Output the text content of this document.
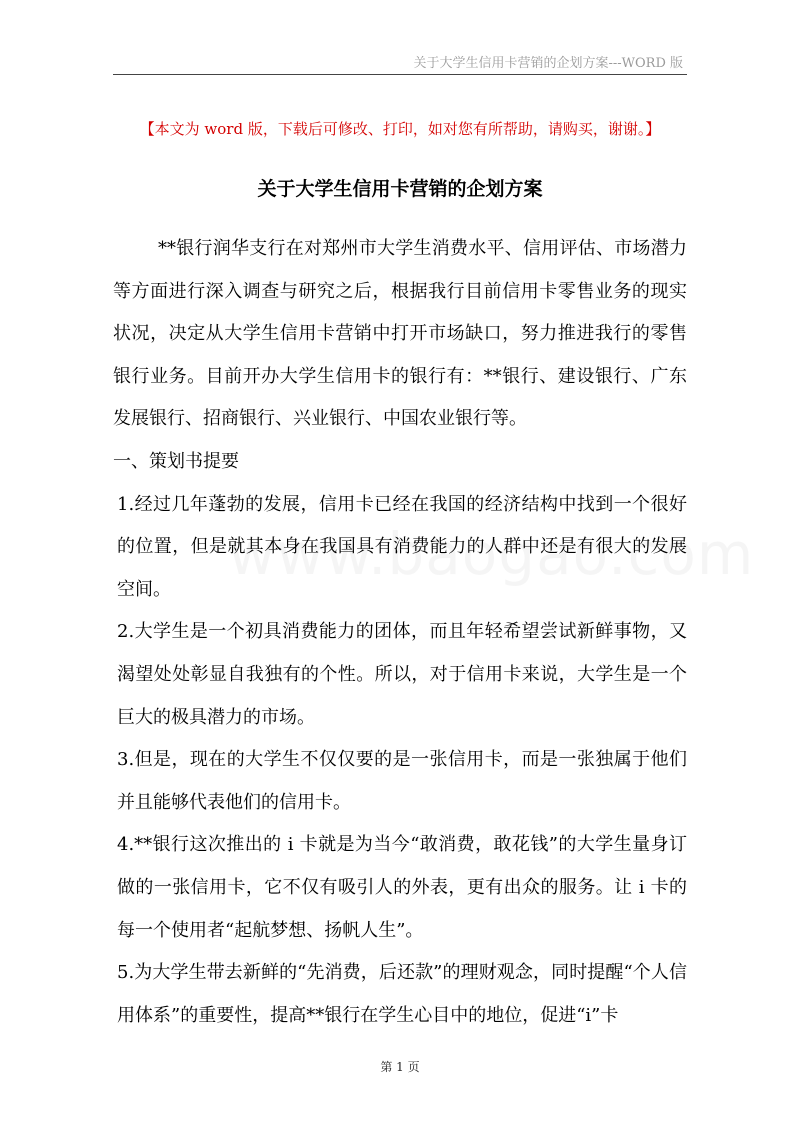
关于大学生信用卡营销的企划方案---WORD 版
【本文为 word 版，下载后可修改、打印，如对您有所帮助，请购买，谢谢。】
关于大学生信用卡营销的企划方案

**银行润华支行在对郑州市大学生消费水平、信用评估、市场潜力等方面进行深入调查与研究之后，根据我行目前信用卡零售业务的现实状况，决定从大学生信用卡营销中打开市场缺口，努力推进我行的零售银行业务。目前开办大学生信用卡的银行有：**银行、建设银行、广东发展银行、招商银行、兴业银行、中国农业银行等。

一、策划书提要

1.经过几年蓬勃的发展，信用卡已经在我国的经济结构中找到一个很好的位置，但是就其本身在我国具有消费能力的人群中还是有很大的发展空间。

2.大学生是一个初具消费能力的团体，而且年轻希望尝试新鲜事物，又渴望处处彰显自我独有的个性。所以，对于信用卡来说，大学生是一个巨大的极具潜力的市场。

3.但是，现在的大学生不仅仅要的是一张信用卡，而是一张独属于他们并且能够代表他们的信用卡。

4.**银行这次推出的 i 卡就是为当今“敢消费，敢花钱”的大学生量身订做的一张信用卡，它不仅有吸引人的外表，更有出众的服务。让 i 卡的每一个使用者“起航梦想、扬帆人生”。

5.为大学生带去新鲜的“先消费，后还款”的理财观念，同时提醒“个人信用体系”的重要性，提高**银行在学生心目中的地位，促进“i”卡

第 1 页
